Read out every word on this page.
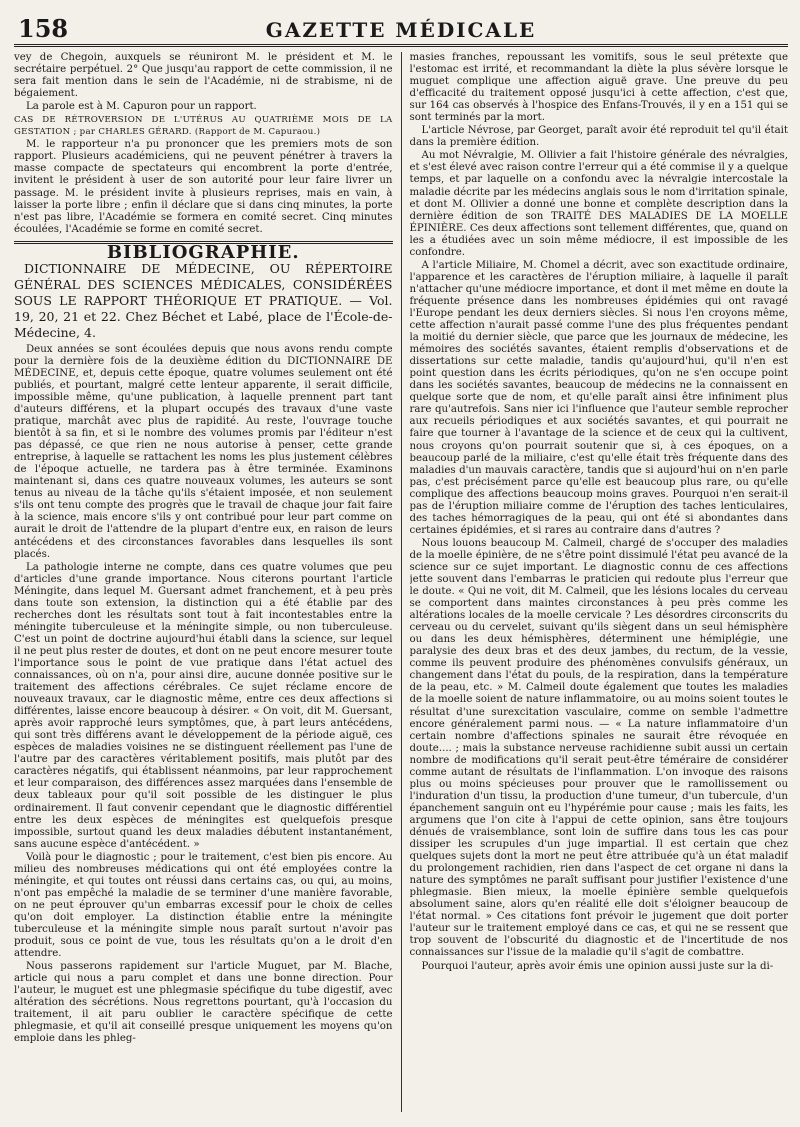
158	GAZETTE MÉDICALE

vey de Chegoin, auxquels se réuniront M. le président et M. le secrétaire perpétuel. 2° Que jusqu'au rapport de cette commission, il ne sera fait mention dans le sein de l'Académie, ni de strabisme, ni de bégaiement.

La parole est à M. Capuron pour un rapport.

CAS DE RÉTROVERSION DE L'UTÉRUS AU QUATRIÈME MOIS DE LA GESTATION ; par CHARLES GÉRARD. (Rapport de M. Capuraou.)

M. le rapporteur n'a pu prononcer que les premiers mots de son rapport. Plusieurs académiciens, qui ne peuvent pénétrer à travers la masse compacte de spectateurs qui encombrent la porte d'entrée, invitent le président à user de son autorité pour leur faire livrer un passage. M. le président invite à plusieurs reprises, mais en vain, à laisser la porte libre ; enfin il déclare que si dans cinq minutes, la porte n'est pas libre, l'Académie se formera en comité secret. Cinq minutes écoulées, l'Académie se forme en comité secret.

BIBLIOGRAPHIE.

DICTIONNAIRE DE MÉDECINE, OU RÉPERTOIRE GÉNÉRAL DES SCIENCES MÉDICALES, CONSIDÉRÉES SOUS LE RAPPORT THÉORIQUE ET PRATIQUE. — Vol. 19, 20, 21 et 22. Chez Béchet et Labé, place de l'École-de-Médecine, 4.

Deux années se sont écoulées depuis que nous avons rendu compte pour la dernière fois de la deuxième édition du DICTIONNAIRE DE MÉDECINE, et, depuis cette époque, quatre volumes seulement ont été publiés, et pourtant, malgré cette lenteur apparente, il serait difficile, impossible même, qu'une publication, à laquelle prennent part tant d'auteurs différens, et la plupart occupés des travaux d'une vaste pratique, marchât avec plus de rapidité. Au reste, l'ouvrage touche bientôt à sa fin, et si le nombre des volumes promis par l'éditeur n'est pas dépassé, ce que rien ne nous autorise à penser, cette grande entreprise, à laquelle se rattachent les noms les plus justement célèbres de l'époque actuelle, ne tardera pas à être terminée. Examinons maintenant si, dans ces quatre nouveaux volumes, les auteurs se sont tenus au niveau de la tâche qu'ils s'étaient imposée, et non seulement s'ils ont tenu compte des progrès que le travail de chaque jour fait faire à la science, mais encore s'ils y ont contribué pour leur part comme on aurait le droit de l'attendre de la plupart d'entre eux, en raison de leurs antécédens et des circonstances favorables dans lesquelles ils sont placés.

La pathologie interne ne compte, dans ces quatre volumes que peu d'articles d'une grande importance. Nous citerons pourtant l'article Méningite, dans lequel M. Guersant admet franchement, et à peu près dans toute son extension, la distinction qui a été établie par des recherches dont les résultats sont tout à fait incontestables entre la méningite tuberculeuse et la méningite simple, ou non tuberculeuse. C'est un point de doctrine aujourd'hui établi dans la science, sur lequel il ne peut plus rester de doutes, et dont on ne peut encore mesurer toute l'importance sous le point de vue pratique dans l'état actuel des connaissances, où on n'a, pour ainsi dire, aucune donnée positive sur le traitement des affections cérébrales. Ce sujet réclame encore de nouveaux travaux, car le diagnostic même, entre ces deux affections si différentes, laisse encore beaucoup à désirer. « On voit, dit M. Guersant, après avoir rapproché leurs symptômes, que, à part leurs antécédens, qui sont très différens avant le développement de la période aiguë, ces espèces de maladies voisines ne se distinguent réellement pas l'une de l'autre par des caractères véritablement positifs, mais plutôt par des caractères négatifs, qui établissent néanmoins, par leur rapprochement et leur comparaison, des différences assez marquées dans l'ensemble de deux tableaux pour qu'il soit possible de les distinguer le plus ordinairement. Il faut convenir cependant que le diagnostic différentiel entre les deux espèces de méningites est quelquefois presque impossible, surtout quand les deux maladies débutent instantanément, sans aucune espèce d'antécédent. »

Voilà pour le diagnostic ; pour le traitement, c'est bien pis encore. Au milieu des nombreuses médications qui ont été employées contre la méningite, et qui toutes ont réussi dans certains cas, ou qui, au moins, n'ont pas empêché la maladie de se terminer d'une manière favorable, on ne peut éprouver qu'un embarras excessif pour le choix de celles qu'on doit employer. La distinction établie entre la méningite tuberculeuse et la méningite simple nous paraît surtout n'avoir pas produit, sous ce point de vue, tous les résultats qu'on a le droit d'en attendre.

Nous passerons rapidement sur l'article Muguet, par M. Blache, article qui nous a paru complet et dans une bonne direction. Pour l'auteur, le muguet est une phlegmasie spécifique du tube digestif, avec altération des sécrétions. Nous regrettons pourtant, qu'à l'occasion du traitement, il ait paru oublier le caractère spécifique de cette phlegmasie, et qu'il ait conseillé presque uniquement les moyens qu'on emploie dans les phleg-

masies franches, repoussant les vomitifs, sous le seul prétexte que l'estomac est irrité, et recommandant la diète la plus sévère lorsque le muguet complique une affection aiguë grave. Une preuve du peu d'efficacité du traitement opposé jusqu'ici à cette affection, c'est que, sur 164 cas observés à l'hospice des Enfans-Trouvés, il y en a 151 qui se sont terminés par la mort.

L'article Névrose, par Georget, paraît avoir été reproduit tel qu'il était dans la première édition.

Au mot Névralgie, M. Ollivier a fait l'histoire générale des névralgies, et s'est élevé avec raison contre l'erreur qui a été commise il y a quelque temps, et par laquelle on a confondu avec la névralgie intercostale la maladie décrite par les médecins anglais sous le nom d'irritation spinale, et dont M. Ollivier a donné une bonne et complète description dans la dernière édition de son TRAITÉ DES MALADIES DE LA MOELLE ÉPINIÈRE. Ces deux affections sont tellement différentes, que, quand on les a étudiées avec un soin même médiocre, il est impossible de les confondre.

A l'article Miliaire, M. Chomel a décrit, avec son exactitude ordinaire, l'apparence et les caractères de l'éruption miliaire, à laquelle il paraît n'attacher qu'une médiocre importance, et dont il met même en doute la fréquente présence dans les nombreuses épidémies qui ont ravagé l'Europe pendant les deux derniers siècles. Si nous l'en croyons même, cette affection n'aurait passé comme l'une des plus fréquentes pendant la moitié du dernier siècle, que parce que les journaux de médecine, les mémoires des sociétés savantes, étaient remplis d'observations et de dissertations sur cette maladie, tandis qu'aujourd'hui, qu'il n'en est point question dans les écrits périodiques, qu'on ne s'en occupe point dans les sociétés savantes, beaucoup de médecins ne la connaissent en quelque sorte que de nom, et qu'elle paraît ainsi être infiniment plus rare qu'autrefois. Sans nier ici l'influence que l'auteur semble reprocher aux recueils périodiques et aux sociétés savantes, et qui pourrait ne faire que tourner à l'avantage de la science et de ceux qui la cultivent, nous croyons qu'on pourrait soutenir que si, à ces époques, on a beaucoup parlé de la miliaire, c'est qu'elle était très fréquente dans des maladies d'un mauvais caractère, tandis que si aujourd'hui on n'en parle pas, c'est précisément parce qu'elle est beaucoup plus rare, ou qu'elle complique des affections beaucoup moins graves. Pourquoi n'en serait-il pas de l'éruption miliaire comme de l'éruption des taches lenticulaires, des taches hémorragiques de la peau, qui ont été si abondantes dans certaines épidémies, et si rares au contraire dans d'autres ?

Nous louons beaucoup M. Calmeil, chargé de s'occuper des maladies de la moelle épinière, de ne s'être point dissimulé l'état peu avancé de la science sur ce sujet important. Le diagnostic connu de ces affections jette souvent dans l'embarras le praticien qui redoute plus l'erreur que le doute. « Qui ne voit, dit M. Calmeil, que les lésions locales du cerveau se comportent dans maintes circonstances à peu près comme les altérations locales de la moelle cervicale ? Les désordres circonscrits du cerveau ou du cervelet, suivant qu'ils siègent dans un seul hémisphère ou dans les deux hémisphères, déterminent une hémiplégie, une paralysie des deux bras et des deux jambes, du rectum, de la vessie, comme ils peuvent produire des phénomènes convulsifs généraux, un changement dans l'état du pouls, de la respiration, dans la température de la peau, etc. » M. Calmeil doute également que toutes les maladies de la moelle soient de nature inflammatoire, ou au moins soient toutes le résultat d'une surexcitation vasculaire, comme on semble l'admettre encore généralement parmi nous. — « La nature inflammatoire d'un certain nombre d'affections spinales ne saurait être révoquée en doute.... ; mais la substance nerveuse rachidienne subit aussi un certain nombre de modifications qu'il serait peut-être téméraire de considérer comme autant de résultats de l'inflammation. L'on invoque des raisons plus ou moins spécieuses pour prouver que le ramollissement ou l'induration d'un tissu, la production d'une tumeur, d'un tubercule, d'un épanchement sanguin ont eu l'hypérémie pour cause ; mais les faits, les argumens que l'on cite à l'appui de cette opinion, sans être toujours dénués de vraisemblance, sont loin de suffire dans tous les cas pour dissiper les scrupules d'un juge impartial. Il est certain que chez quelques sujets dont la mort ne peut être attribuée qu'à un état maladif du prolongement rachidien, rien dans l'aspect de cet organe ni dans la nature des symptômes ne paraît suffisant pour justifier l'existence d'une phlegmasie. Bien mieux, la moelle épinière semble quelquefois absolument saine, alors qu'en réalité elle doit s'éloigner beaucoup de l'état normal. » Ces citations font prévoir le jugement que doit porter l'auteur sur le traitement employé dans ce cas, et qui ne se ressent que trop souvent de l'obscurité du diagnostic et de l'incertitude de nos connaissances sur l'issue de la maladie qu'il s'agit de combattre.

Pourquoi l'auteur, après avoir émis une opinion aussi juste sur la di-
